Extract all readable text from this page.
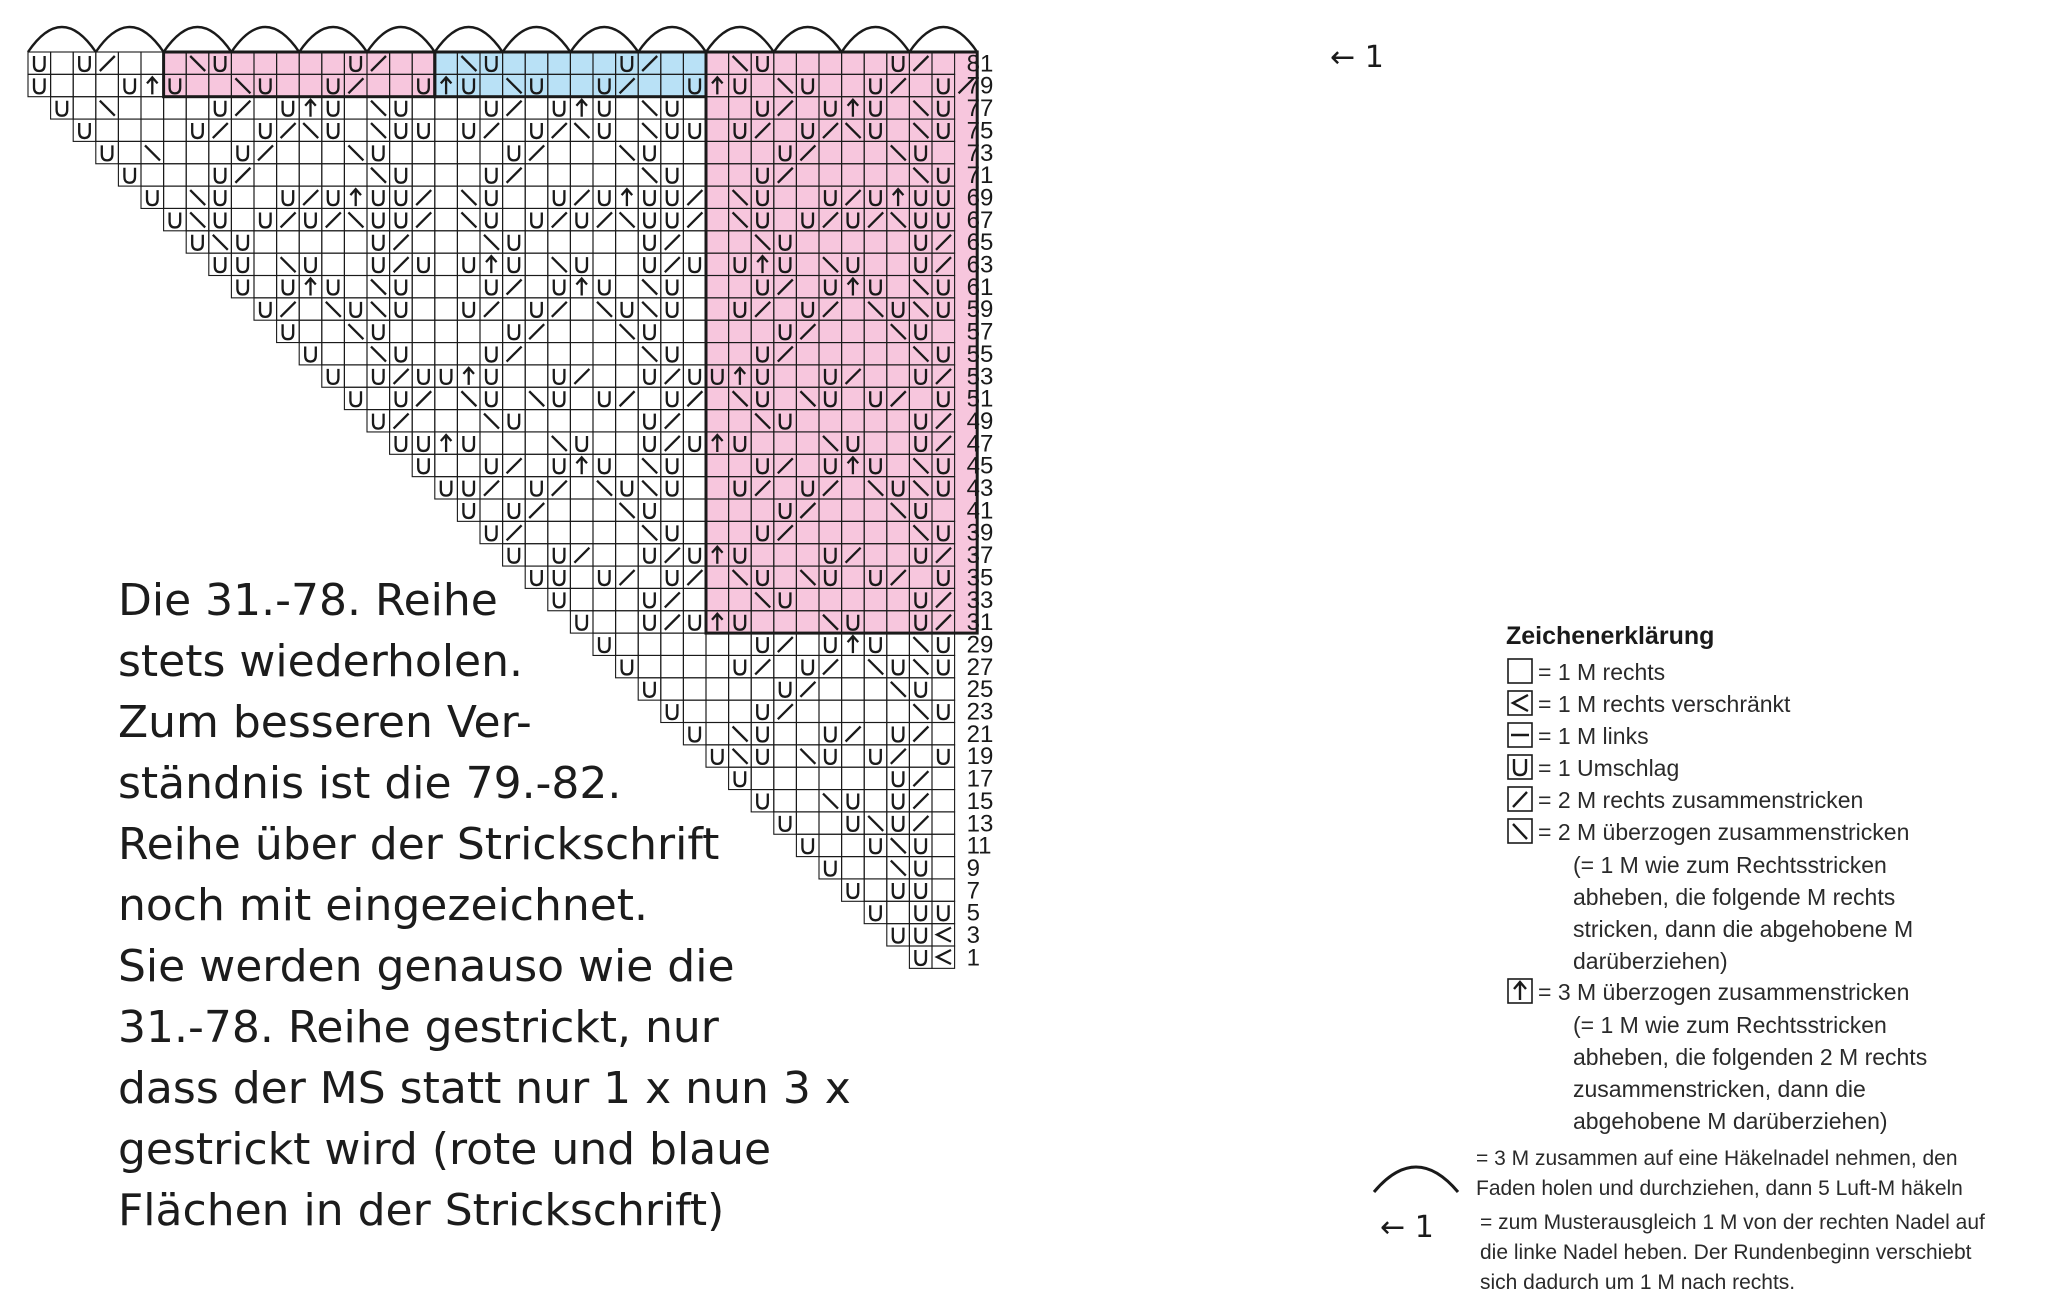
81
79
77
75
73
71
69
67
65
63
61
59
57
55
53
51
49
47
45
43
41
39
37
35
33
31
29
27
25
23
21
19
17
15
13
11
9
7
5
3
1
Die 31.-78. Reihe
stets wiederholen.
Zum besseren Ver-
ständnis ist die 79.-82.
Reihe über der Strickschrift
noch mit eingezeichnet.
Sie werden genauso wie die
31.-78. Reihe gestrickt, nur
dass der MS statt nur 1 x nun 3 x
gestrickt wird (rote und blaue
Flächen in der Strickschrift)
Zeichenerklärung
= 1 M rechts
= 1 M rechts verschränkt
= 1 M links
= 1 Umschlag
= 2 M rechts zusammenstricken
= 2 M überzogen zusammenstricken
(= 1 M wie zum Rechtsstricken
abheben, die folgende M rechts
stricken, dann die abgehobene M
darüberziehen)
= 3 M überzogen zusammenstricken
(= 1 M wie zum Rechtsstricken
abheben, die folgenden 2 M rechts
zusammenstricken, dann die
abgehobene M darüberziehen)
= 3 M zusammen auf eine Häkelnadel nehmen, den
Faden holen und durchziehen, dann 5 Luft-M häkeln
← 1 = zum Musterausgleich 1 M von der rechten Nadel auf
die linke Nadel heben. Der Rundenbeginn verschiebt
sich dadurch um 1 M nach rechts.
← 1
